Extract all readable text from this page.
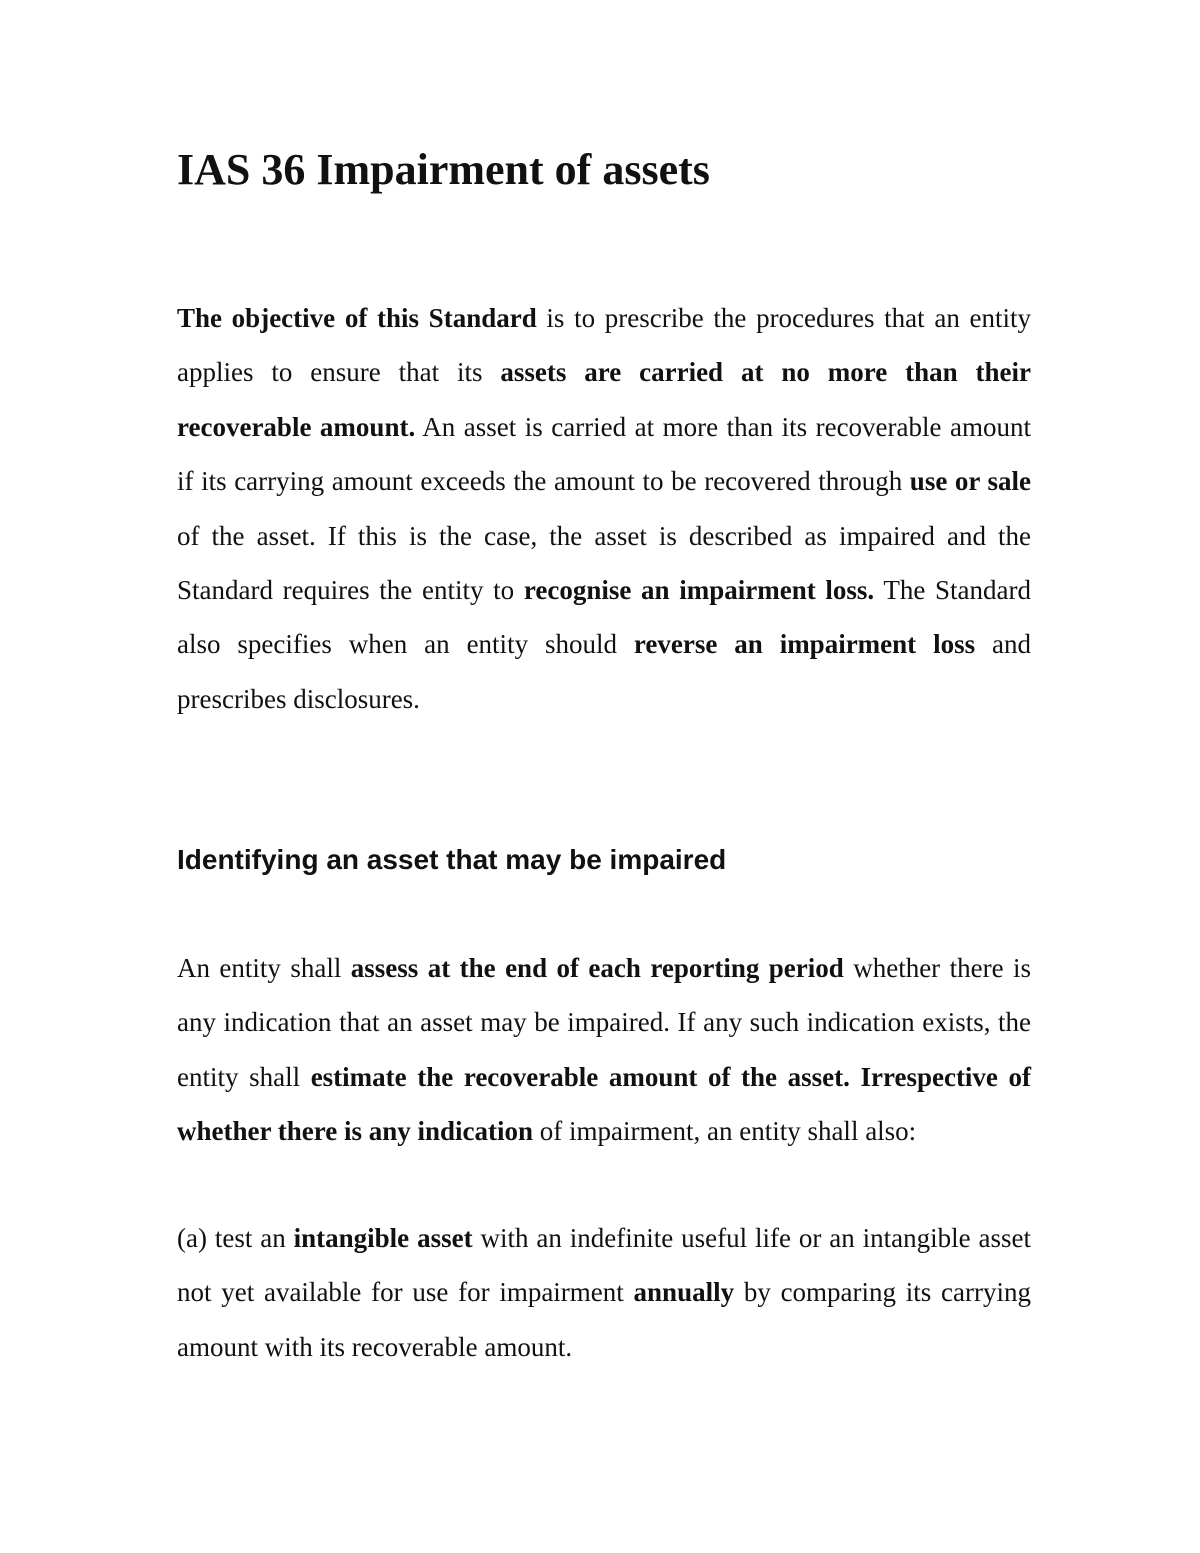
IAS 36 Impairment of assets

The objective of this Standard is to prescribe the procedures that an entity applies to ensure that its assets are carried at no more than their recoverable amount. An asset is carried at more than its recoverable amount if its carrying amount exceeds the amount to be recovered through use or sale of the asset. If this is the case, the asset is described as impaired and the Standard requires the entity to recognise an impairment loss. The Standard also specifies when an entity should reverse an impairment loss and prescribes disclosures.

Identifying an asset that may be impaired

An entity shall assess at the end of each reporting period whether there is any indication that an asset may be impaired. If any such indication exists, the entity shall estimate the recoverable amount of the asset. Irrespective of whether there is any indication of impairment, an entity shall also:

(a) test an intangible asset with an indefinite useful life or an intangible asset not yet available for use for impairment annually by comparing its carrying amount with its recoverable amount.
